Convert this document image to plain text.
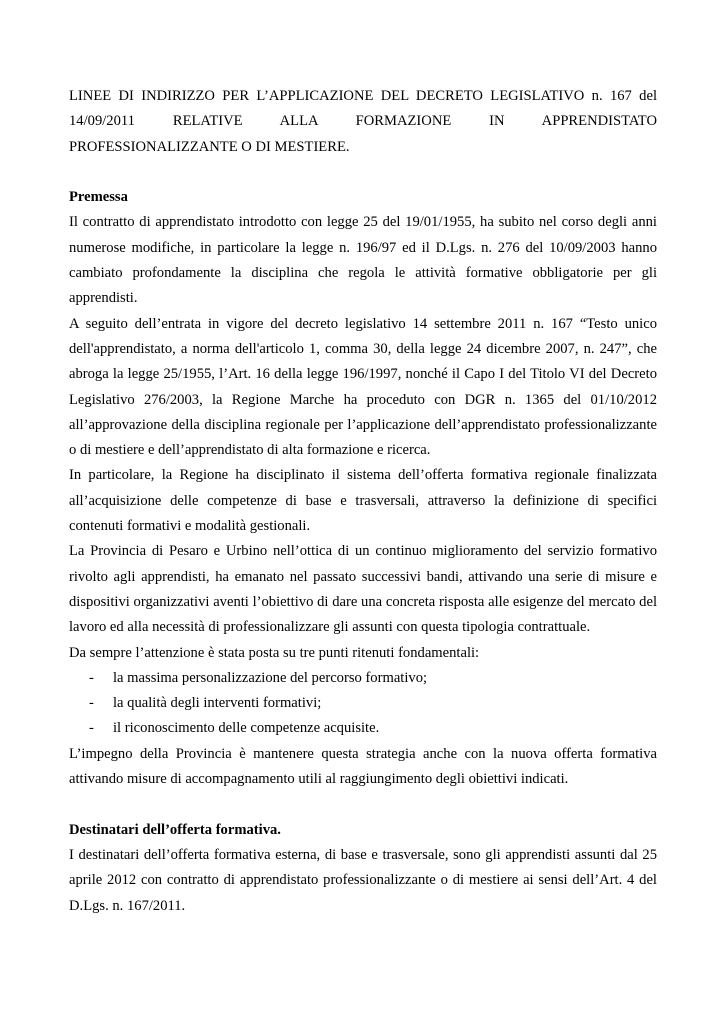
LINEE DI INDIRIZZO PER L’APPLICAZIONE DEL DECRETO LEGISLATIVO n. 167 del
14/09/2011 RELATIVE ALLA FORMAZIONE IN APPRENDISTATO
PROFESSIONALIZZANTE O DI MESTIERE.
Premessa

Il contratto di apprendistato introdotto con legge 25 del 19/01/1955, ha subito nel corso degli anni numerose modifiche, in particolare la legge n. 196/97 ed il D.Lgs. n. 276 del 10/09/2003 hanno cambiato profondamente la disciplina che regola le attività formative obbligatorie per gli apprendisti.

A seguito dell’entrata in vigore del decreto legislativo 14 settembre 2011 n. 167 “Testo unico dell'apprendistato, a norma dell'articolo 1, comma 30, della legge 24 dicembre 2007, n. 247”, che abroga la legge 25/1955, l’Art. 16 della legge 196/1997, nonché il Capo I del Titolo VI del Decreto Legislativo 276/2003, la Regione Marche ha proceduto con DGR n. 1365 del 01/10/2012 all’approvazione della disciplina regionale per l’applicazione dell’apprendistato professionalizzante o di mestiere e dell’apprendistato di alta formazione e ricerca.

In particolare, la Regione ha disciplinato il sistema dell’offerta formativa regionale finalizzata all’acquisizione delle competenze di base e trasversali, attraverso la definizione di specifici contenuti formativi e modalità gestionali.

La Provincia di Pesaro e Urbino nell’ottica di un continuo miglioramento del servizio formativo rivolto agli apprendisti, ha emanato nel passato successivi bandi, attivando una serie di misure e dispositivi organizzativi aventi l’obiettivo di dare una concreta risposta alle esigenze del mercato del lavoro ed alla necessità di professionalizzare gli assunti con questa tipologia contrattuale.

Da sempre l’attenzione è stata posta su tre punti ritenuti fondamentali:

- la massima personalizzazione del percorso formativo;
- la qualità degli interventi formativi;
- il riconoscimento delle competenze acquisite.

L’impegno della Provincia è mantenere questa strategia anche con la nuova offerta formativa attivando misure di accompagnamento utili al raggiungimento degli obiettivi indicati.

Destinatari dell’offerta formativa.

I destinatari dell’offerta formativa esterna, di base e trasversale, sono gli apprendisti assunti dal 25 aprile 2012 con contratto di apprendistato professionalizzante o di mestiere ai sensi dell’Art. 4 del D.Lgs. n. 167/2011.
